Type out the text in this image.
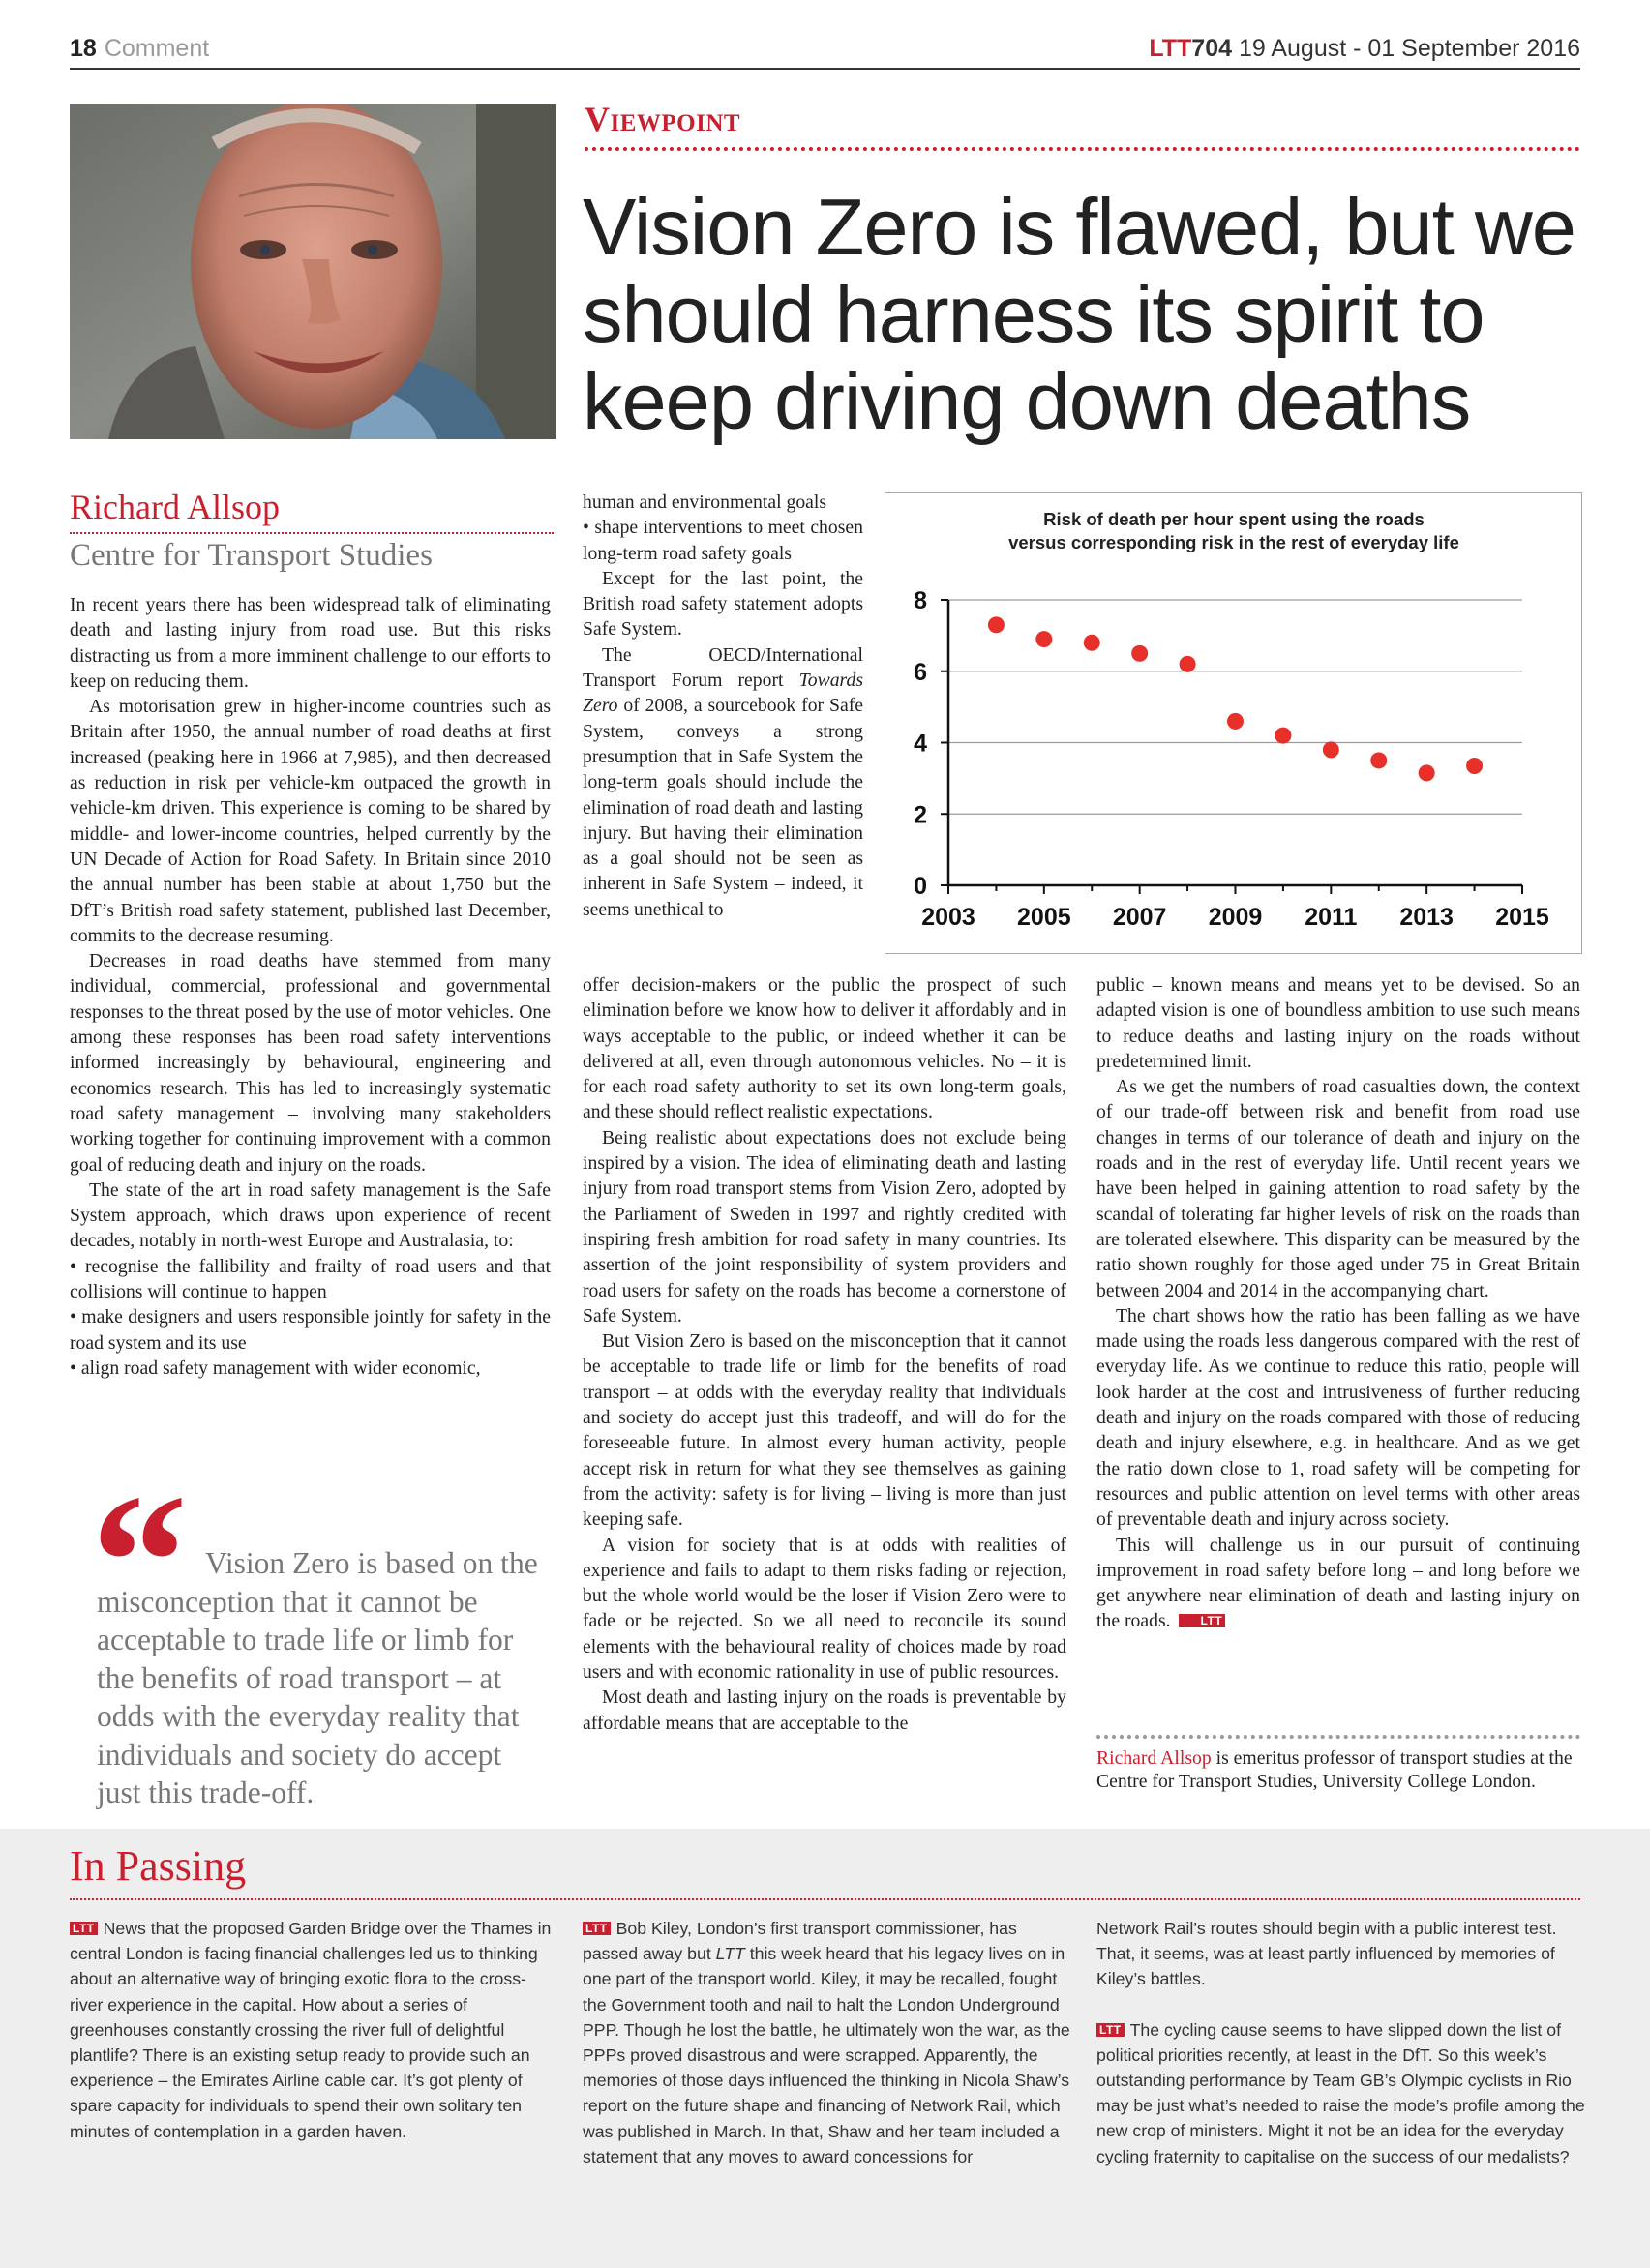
18 Comment	LTT704 19 August - 01 September 2016
Viewpoint
Vision Zero is flawed, but we should harness its spirit to keep driving down deaths
Richard Allsop
Centre for Transport Studies

In recent years there has been widespread talk of eliminating death and lasting injury from road use. But this risks distracting us from a more imminent challenge to our efforts to keep on reducing them.

As motorisation grew in higher-income countries such as Britain after 1950, the annual number of road deaths at first increased (peaking here in 1966 at 7,985), and then decreased as reduction in risk per vehicle-km outpaced the growth in vehicle-km driven. This experience is coming to be shared by middle- and lower-income countries, helped currently by the UN Decade of Action for Road Safety. In Britain since 2010 the annual number has been stable at about 1,750 but the DfT’s British road safety statement, published last December, commits to the decrease resuming.

Decreases in road deaths have stemmed from many individual, commercial, professional and governmental responses to the threat posed by the use of motor vehicles. One among these responses has been road safety interventions informed increasingly by behavioural, engineering and economics research. This has led to increasingly systematic road safety management – involving many stakeholders working together for continuing improvement with a common goal of reducing death and injury on the roads.

The state of the art in road safety management is the Safe System approach, which draws upon experience of recent decades, notably in north-west Europe and Australasia, to:

• recognise the fallibility and frailty of road users and that collisions will continue to happen

• make designers and users responsible jointly for safety in the road system and its use

• align road safety management with wider economic,

“ Vision Zero is based on the misconception that it cannot be acceptable to trade life or limb for the benefits of road transport – at odds with the everyday reality that individuals and society do accept just this trade-off.

human and environmental goals

• shape interventions to meet chosen long-term road safety goals

Except for the last point, the British road safety statement adopts Safe System.

The OECD/International Transport Forum report Towards Zero of 2008, a sourcebook for Safe System, conveys a strong presumption that in Safe System the long-term goals should include the elimination of road death and lasting injury. But having their elimination as a goal should not be seen as inherent in Safe System – indeed, it seems unethical to

Risk of death per hour spent using the roads
versus corresponding risk in the rest of everyday life
0
2
4
6
8
2003 2005 2007 2009 2011 2013 2015

offer decision-makers or the public the prospect of such elimination before we know how to deliver it affordably and in ways acceptable to the public, or indeed whether it can be delivered at all, even through autonomous vehicles. No – it is for each road safety authority to set its own long-term goals, and these should reflect realistic expectations.

Being realistic about expectations does not exclude being inspired by a vision. The idea of eliminating death and lasting injury from road transport stems from Vision Zero, adopted by the Parliament of Sweden in 1997 and rightly credited with inspiring fresh ambition for road safety in many countries. Its assertion of the joint responsibility of system providers and road users for safety on the roads has become a cornerstone of Safe System.

But Vision Zero is based on the misconception that it cannot be acceptable to trade life or limb for the benefits of road transport – at odds with the everyday reality that individuals and society do accept just this tradeoff, and will do for the foreseeable future. In almost every human activity, people accept risk in return for what they see themselves as gaining from the activity: safety is for living – living is more than just keeping safe.

A vision for society that is at odds with realities of experience and fails to adapt to them risks fading or rejection, but the whole world would be the loser if Vision Zero were to fade or be rejected. So we all need to reconcile its sound elements with the behavioural reality of choices made by road users and with economic rationality in use of public resources.

Most death and lasting injury on the roads is preventable by affordable means that are acceptable to the

public – known means and means yet to be devised. So an adapted vision is one of boundless ambition to use such means to reduce deaths and lasting injury on the roads without predetermined limit.

As we get the numbers of road casualties down, the context of our trade-off between risk and benefit from road use changes in terms of our tolerance of death and injury on the roads and in the rest of everyday life. Until recent years we have been helped in gaining attention to road safety by the scandal of tolerating far higher levels of risk on the roads than are tolerated elsewhere. This disparity can be measured by the ratio shown roughly for those aged under 75 in Great Britain between 2004 and 2014 in the accompanying chart.

The chart shows how the ratio has been falling as we have made using the roads less dangerous compared with the rest of everyday life. As we continue to reduce this ratio, people will look harder at the cost and intrusiveness of further reducing death and injury on the roads compared with those of reducing death and injury elsewhere, e.g. in healthcare. And as we get the ratio down close to 1, road safety will be competing for resources and public attention on level terms with other areas of preventable death and injury across society.

This will challenge us in our pursuit of continuing improvement in road safety before long – and long before we get anywhere near elimination of death and lasting injury on the roads.	LTT

Richard Allsop is emeritus professor of transport studies at the Centre for Transport Studies, University College London.
In Passing

LTT News that the proposed Garden Bridge over the Thames in central London is facing financial challenges led us to thinking about an alternative way of bringing exotic flora to the cross-river experience in the capital. How about a series of greenhouses constantly crossing the river full of delightful plantlife? There is an existing setup ready to provide such an experience – the Emirates Airline cable car. It’s got plenty of spare capacity for individuals to spend their own solitary ten minutes of contemplation in a garden haven.

LTT Bob Kiley, London’s first transport commissioner, has passed away but LTT this week heard that his legacy lives on in one part of the transport world. Kiley, it may be recalled, fought the Government tooth and nail to halt the London Underground PPP. Though he lost the battle, he ultimately won the war, as the PPPs proved disastrous and were scrapped. Apparently, the memories of those days influenced the thinking in Nicola Shaw’s report on the future shape and financing of Network Rail, which was published in March. In that, Shaw and her team included a statement that any moves to award concessions for

Network Rail’s routes should begin with a public interest test. That, it seems, was at least partly influenced by memories of Kiley’s battles.

LTT The cycling cause seems to have slipped down the list of political priorities recently, at least in the DfT. So this week’s outstanding performance by Team GB’s Olympic cyclists in Rio may be just what’s needed to raise the mode’s profile among the new crop of ministers. Might it not be an idea for the everyday cycling fraternity to capitalise on the success of our medalists?
